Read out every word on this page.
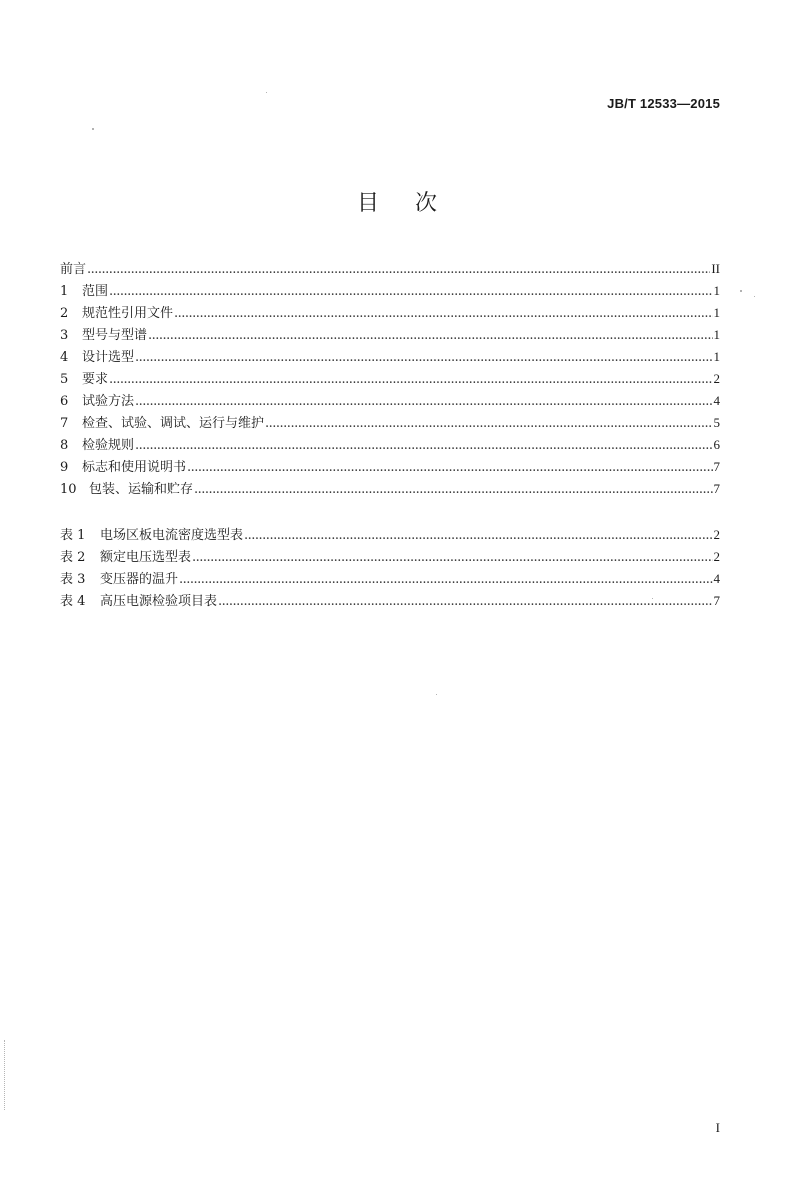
JB/T 12533—2015
目次
前言 .....	II
1	范围 .....	1
2	规范性引用文件 .....	1
3	型号与型谱 .....	1
4	设计选型 .....	1
5	要求 .....	2
6	试验方法 .....	4
7	检查、试验、调试、运行与维护 .....	5
8	检验规则 .....	6
9	标志和使用说明书 .....	7
10 包装、运输和贮存 .....	7
表 1	电场区板电流密度选型表 .....	2
表 2	额定电压选型表 .....	2
表 3	变压器的温升 .....	4
表 4	高压电源检验项目表 .....	7
I
